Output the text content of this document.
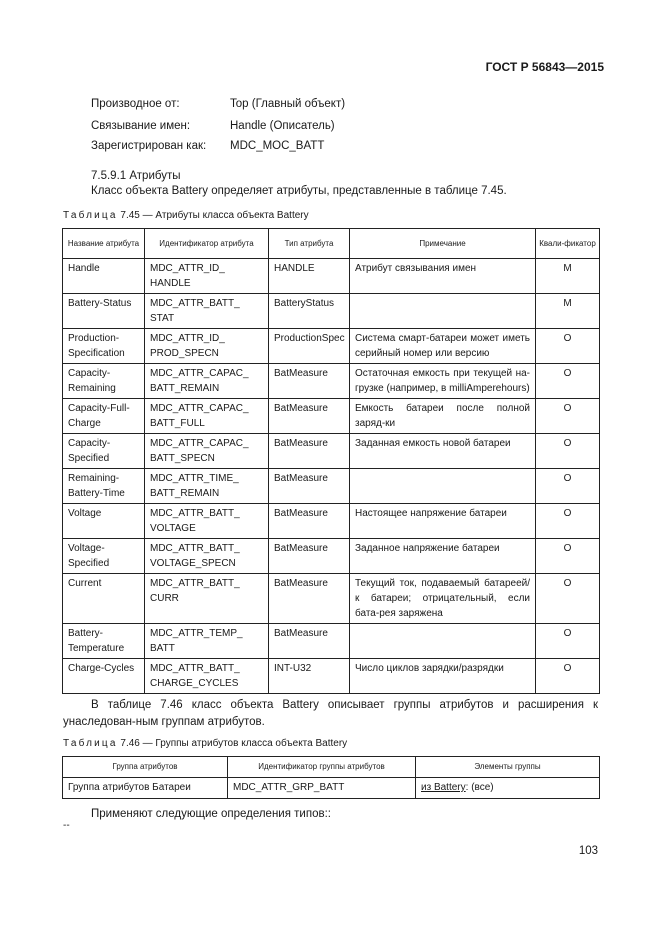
ГОСТ Р 56843—2015
Производное от:	Top (Главный объект)
Связывание имен:	Handle (Описатель)
Зарегистрирован как: MDC_MOC_BATT
7.5.9.1 Атрибуты
Класс объекта Battery определяет атрибуты, представленные в таблице 7.45.
Таблица 7.45 — Атрибуты класса объекта Battery
Название атрибута	Идентификатор атрибута	Тип атрибута	Примечание	Квали-фикатор
Handle	MDC_ATTR_ID_ HANDLE	HANDLE	Атрибут связывания имен	M
Battery-Status	MDC_ATTR_BATT_ STAT	BatteryStatus		M
Production-Specification	MDC_ATTR_ID_ PROD_SPECN	ProductionSpec	Система смарт-батареи может иметь серийный номер или версию	O
Capacity-Remaining	MDC_ATTR_CAPAC_ BATT_REMAIN	BatMeasure	Остаточная емкость при текущей на-грузке (например, в milliAmperehours)	O
Capacity-Full-Charge	MDC_ATTR_CAPAC_ BATT_FULL	BatMeasure	Емкость батареи после полной заряд-ки	O
Capacity-Specified	MDC_ATTR_CAPAC_ BATT_SPECN	BatMeasure	Заданная емкость новой батареи	O
Remaining-Battery-Time	MDC_ATTR_TIME_ BATT_REMAIN	BatMeasure		O
Voltage	MDC_ATTR_BATT_ VOLTAGE	BatMeasure	Настоящее напряжение батареи	O
Voltage-Specified	MDC_ATTR_BATT_ VOLTAGE_SPECN	BatMeasure	Заданное напряжение батареи	O
Current	MDC_ATTR_BATT_ CURR	BatMeasure	Текущий ток, подаваемый батареей/ к батареи; отрицательный, если бата-рея заряжена	O
Battery-Temperature	MDC_ATTR_TEMP_ BATT	BatMeasure		O
Charge-Cycles	MDC_ATTR_BATT_ CHARGE_CYCLES	INT-U32	Число циклов зарядки/разрядки	O
В таблице 7.46 класс объекта Battery описывает группы атрибутов и расширения к унаследован-ным группам атрибутов.
Таблица 7.46 — Группы атрибутов класса объекта Battery
Группа атрибутов	Идентификатор группы атрибутов	Элементы группы
Группа атрибутов Батареи	MDC_ATTR_GRP_BATT	из Battery: (все)
Применяют следующие определения типов::
--
103
